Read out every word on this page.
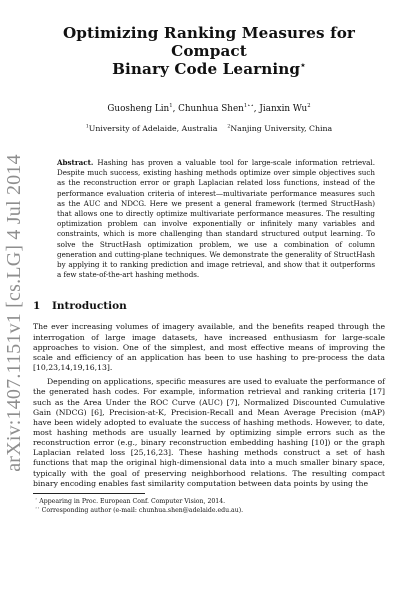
arXiv:1407.1151v1 [cs.LG] 4 Jul 2014
Optimizing Ranking Measures for Compact
Binary Code Learning⋆
Guosheng Lin$^1$, Chunhua Shen$^{1⋆⋆}$, Jianxin Wu$^2$
$^1$University of Adelaide, Australia $^2$Nanjing University, China
Abstract. Hashing has proven a valuable tool for large-scale information retrieval. Despite much success, existing hashing methods optimize over simple objectives such as the reconstruction error or graph Laplacian related loss functions, instead of the performance evaluation criteria of interest—multivariate performance measures such as the AUC and NDCG. Here we present a general framework (termed StructHash) that allows one to directly optimize multivariate performance measures. The resulting optimization problem can involve exponentially or infinitely many variables and constraints, which is more challenging than standard structured output learning. To solve the StructHash optimization problem, we use a combination of column generation and cutting-plane techniques. We demonstrate the generality of StructHash by applying it to ranking prediction and image retrieval, and show that it outperforms a few state-of-the-art hashing methods.
1 Introduction
The ever increasing volumes of imagery available, and the benefits reaped through the interrogation of large image datasets, have increased enthusiasm for large-scale approaches to vision. One of the simplest, and most effective means of improving the scale and efficiency of an application has been to use hashing to pre-process the data [10,23,14,19,16,13].
Depending on applications, specific measures are used to evaluate the performance of the generated hash codes. For example, information retrieval and ranking criteria [17] such as the Area Under the ROC Curve (AUC) [7], Normalized Discounted Cumulative Gain (NDCG) [6], Precision-at-K, Precision-Recall and Mean Average Precision (mAP) have been widely adopted to evaluate the success of hashing methods. However, to date, most hashing methods are usually learned by optimizing simple errors such as the reconstruction error (e.g., binary reconstruction embedding hashing [10]) or the graph Laplacian related loss [25,16,23]. These hashing methods construct a set of hash functions that map the original high-dimensional data into a much smaller binary space, typically with the goal of preserving neighborhood relations. The resulting compact binary encoding enables fast similarity computation between data points by using the
⋆ Appearing in Proc. European Conf. Computer Vision, 2014.
⋆⋆ Corresponding author (e-mail: chunhua.shen@adelaide.edu.au).
